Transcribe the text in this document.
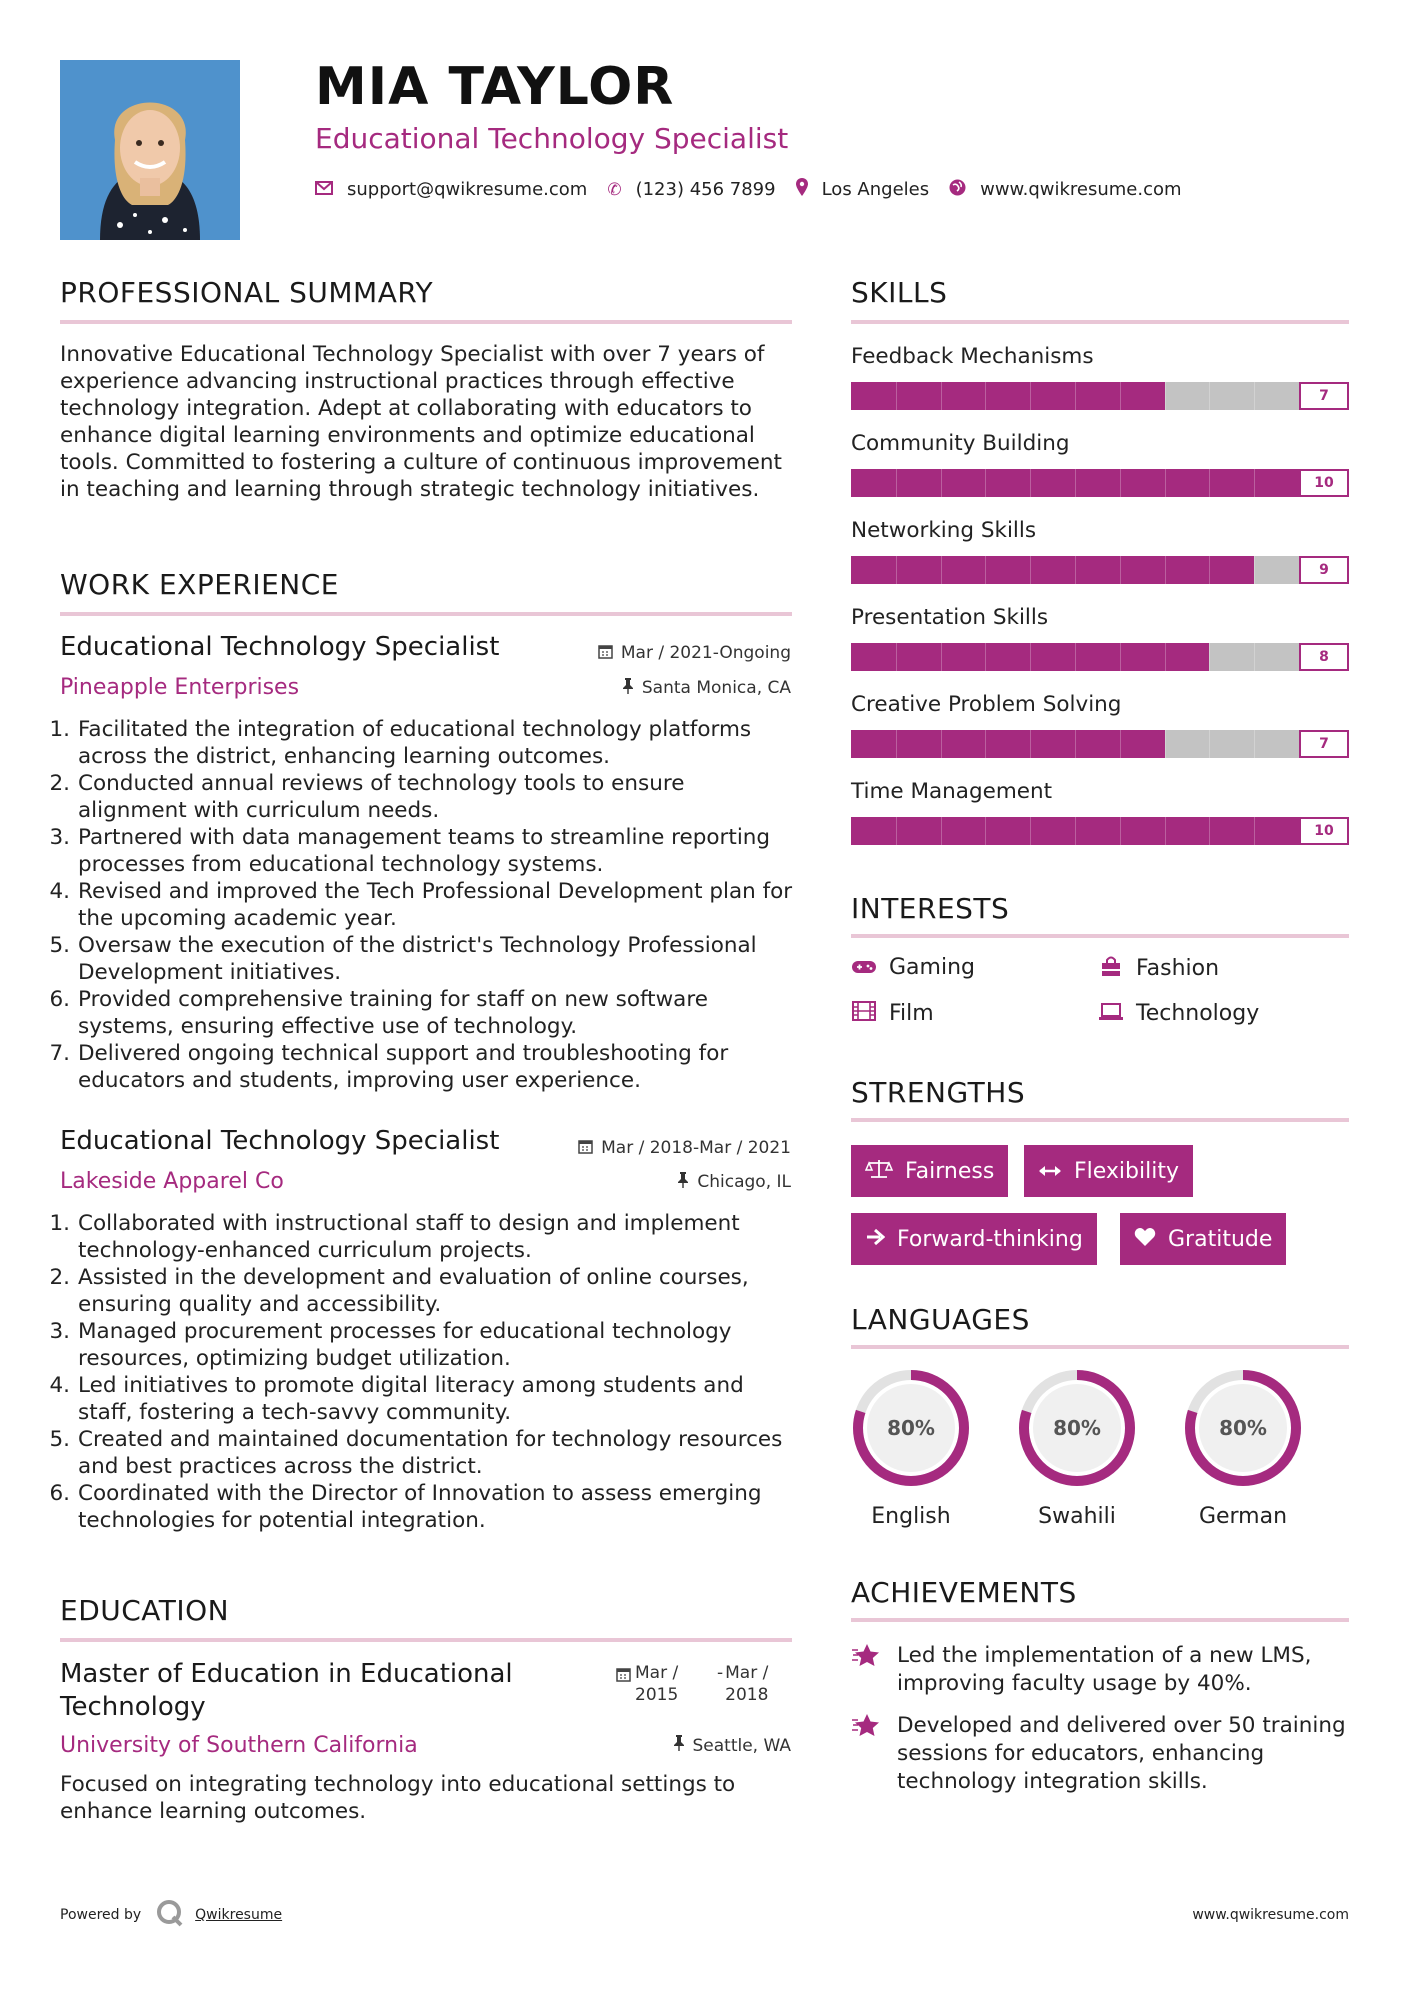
MIA TAYLOR
Educational Technology Specialist
support@qwikresume.com ✆ (123) 456 7899	Los Angeles	www.qwikresume.com
PROFESSIONAL SUMMARY
Innovative Educational Technology Specialist with over 7 years of experience advancing instructional practices through effective technology integration. Adept at collaborating with educators to enhance digital learning environments and optimize educational tools. Committed to fostering a culture of continuous improvement in teaching and learning through strategic technology initiatives.
WORK EXPERIENCE
Educational Technology Specialist	Mar / 2021-Ongoing
Pineapple Enterprises	Santa Monica, CA
1. Facilitated the integration of educational technology platforms across the district, enhancing learning outcomes.
2. Conducted annual reviews of technology tools to ensure alignment with curriculum needs.
3. Partnered with data management teams to streamline reporting processes from educational technology systems.
4. Revised and improved the Tech Professional Development plan for the upcoming academic year.
5. Oversaw the execution of the district's Technology Professional Development initiatives.
6. Provided comprehensive training for staff on new software systems, ensuring effective use of technology.
7. Delivered ongoing technical support and troubleshooting for educators and students, improving user experience.
Educational Technology Specialist	Mar / 2018-Mar / 2021
Lakeside Apparel Co	Chicago, IL
1. Collaborated with instructional staff to design and implement technology-enhanced curriculum projects.
2. Assisted in the development and evaluation of online courses, ensuring quality and accessibility.
3. Managed procurement processes for educational technology resources, optimizing budget utilization.
4. Led initiatives to promote digital literacy among students and staff, fostering a tech-savvy community.
5. Created and maintained documentation for technology resources and best practices across the district.
6. Coordinated with the Director of Innovation to assess emerging technologies for potential integration.
EDUCATION
Master of Education in Educational Technology
Mar / 2015
- Mar / 2018
University of Southern California	Seattle, WA
Focused on integrating technology into educational settings to enhance learning outcomes.
SKILLS
Feedback Mechanisms
7
Community Building
10
Networking Skills
9
Presentation Skills
8
Creative Problem Solving
7
Time Management
10
INTERESTS
Gaming	Fashion
Film	Technology
STRENGTHS
Fairness	Flexibility
Forward-thinking	Gratitude
LANGUAGES
80%
English
80%
Swahili
80%
German
ACHIEVEMENTS
Led the implementation of a new LMS, improving faculty usage by 40%.
Developed and delivered over 50 training sessions for educators, enhancing technology integration skills.
Powered by	Qwikresume	www.qwikresume.com
